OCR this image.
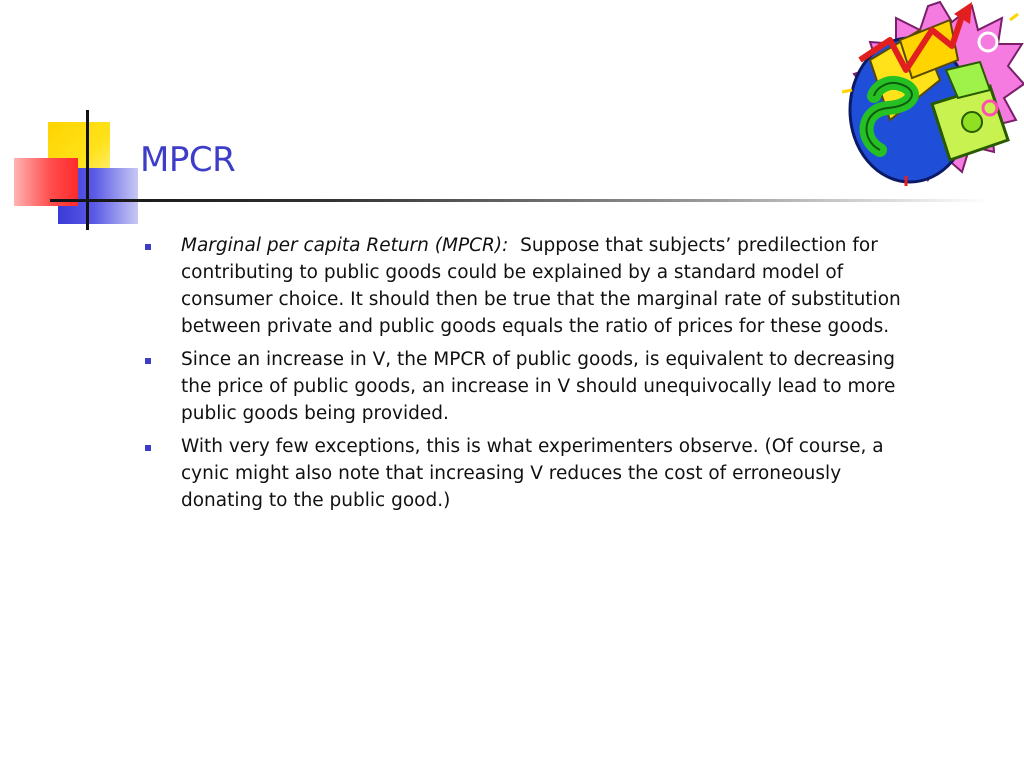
MPCR
Marginal per capita Return (MPCR): Suppose that subjects’ predilection for contributing to public goods could be explained by a standard model of consumer choice. It should then be true that the marginal rate of substitution between private and public goods equals the ratio of prices for these goods.
Since an increase in V, the MPCR of public goods, is equivalent to decreasing the price of public goods, an increase in V should unequivocally lead to more public goods being provided.
With very few exceptions, this is what experimenters observe. (Of course, a cynic might also note that increasing V reduces the cost of erroneously donating to the public good.)
